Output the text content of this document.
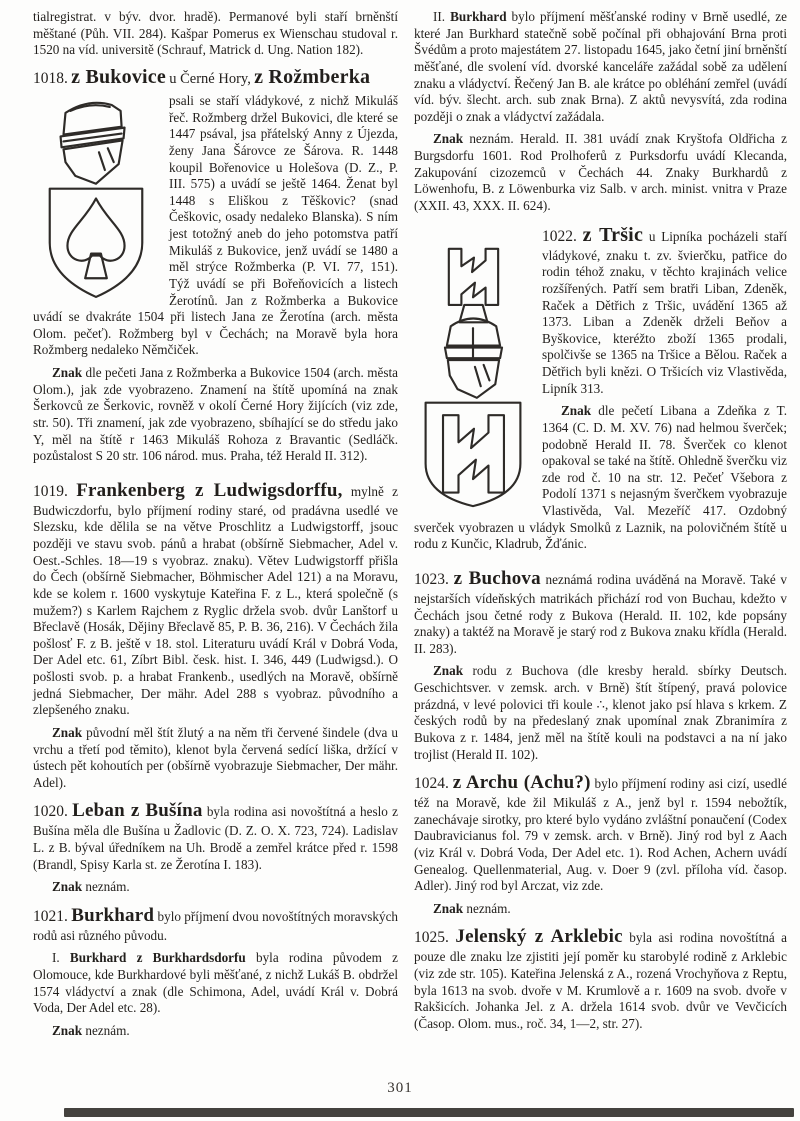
tialregistrat. v býv. dvor. hradě). Permanové byli staří brněnští měštané (Půh. VII. 284). Kašpar Pomerus ex Wienschau studoval r. 1520 na víd. universitě (Schrauf, Matrick d. Ung. Nation 182).

1018. z Bukovice u Černé Hory, z Rožmberka

psali se staří vládykové, z nichž Mikuláš řeč. Rožmberg držel Bukovici, dle které se 1447 psával, jsa přátelský Anny z Újezda, ženy Jana Šárovce ze Šárova. R. 1448 koupil Bořenovice u Holešova (D. Z., P. III. 575) a uvádí se ještě 1464. Ženat byl 1448 s Eliškou z Těškovic? (snad Češkovic, osady nedaleko Blanska). S ním jest totožný aneb do jeho potomstva patří Mikuláš z Bukovice, jenž uvádí se 1480 a měl strýce Rožmberka (P. VI. 77, 151). Týž uvádí se při Bořeňovicích a listech Žerotínů. Jan z Rožmberka a Bukovice uvádí se dvakráte 1504 při listech Jana ze Žerotína (arch. města Olom. pečeť). Rožmberg byl v Čechách; na Moravě byla hora Rožmberg nedaleko Němčiček.

Znak dle pečeti Jana z Rožmberka a Bukovice 1504 (arch. města Olom.), jak zde vyobrazeno. Znamení na štítě upomíná na znak Šerkovců ze Šerkovic, rovněž v okolí Černé Hory žijících (viz zde, str. 50). Tři znamení, jak zde vyobrazeno, sbíhající se do středu jako Y, měl na štítě r 1463 Mikuláš Rohoza z Bravantic (Sedláčk. pozůstalost S 20 str. 106 národ. mus. Praha, též Herald II. 312).

1019. Frankenberg z Ludwigsdorffu, mylně z Budwiczdorfu, bylo příjmení rodiny staré, od pradávna usedlé ve Slezsku, kde dělila se na větve Proschlitz a Ludwigstorff, jsouc později ve stavu svob. pánů a hrabat (obšírně Siebmacher, Adel v. Oest.-Schles. 18—19 s vyobraz. znaku). Větev Ludwigstorff přišla do Čech (obšírně Siebmacher, Böhmischer Adel 121) a na Moravu, kde se kolem r. 1600 vyskytuje Kateřina F. z L., která společně (s mužem?) s Karlem Rajchem z Ryglic držela svob. dvůr Lanštorf u Břeclavě (Hosák, Dějiny Břeclavě 85, P. B. 36, 216). V Čechách žila pošlosť F. z B. ještě v 18. stol. Literaturu uvádí Král v Dobrá Voda, Der Adel etc. 61, Zíbrt Bibl. česk. hist. I. 346, 449 (Ludwigsd.). O pošlosti svob. p. a hrabat Frankenb., usedlých na Moravě, obšírně jedná Siebmacher, Der mähr. Adel 288 s vyobraz. původního a zlepšeného znaku.

Znak původní měl štít žlutý a na něm tři červené šindele (dva u vrchu a třetí pod těmito), klenot byla červená sedící liška, držící v ústech pět kohoutích per (obšírně vyobrazuje Siebmacher, Der mähr. Adel).

1020. Leban z Bušína byla rodina asi novoštítná a heslo z Bušína měla dle Bušína u Žadlovic (D. Z. O. X. 723, 724). Ladislav L. z B. býval úředníkem na Uh. Brodě a zemřel krátce před r. 1598 (Brandl, Spisy Karla st. ze Žerotína I. 183).

Znak neznám.

1021. Burkhard bylo příjmení dvou novoštítných moravských rodů asi různého původu.

I. Burkhard z Burkhardsdorfu byla rodina původem z Olomouce, kde Burkhardové byli měšťané, z nichž Lukáš B. obdržel 1574 vládyctví a znak (dle Schimona, Adel, uvádí Král v. Dobrá Voda, Der Adel etc. 28).

Znak neznám.

II. Burkhard bylo příjmení měšťanské rodiny v Brně usedlé, ze které Jan Burkhard statečně sobě počínal při obhajování Brna proti Švédům a proto majestátem 27. listopadu 1645, jako četní jiní brněnští měšťané, dle svolení víd. dvorské kanceláře zažádal sobě za udělení znaku a vládyctví. Řečený Jan B. ale krátce po obléhání zemřel (uvádí víd. býv. šlecht. arch. sub znak Brna). Z aktů nevysvítá, zda rodina později o znak a vládyctví zažádala.

Znak neznám. Herald. II. 381 uvádí znak Kryštofa Oldřicha z Burgsdorfu 1601. Rod Prolhoferů z Purksdorfu uvádí Klecanda, Zakupování cizozemců v Čechách 44. Znaky Burkhardů z Löwenhofu, B. z Löwenburka viz Salb. v arch. minist. vnitra v Praze (XXII. 43, XXX. II. 624).

1022. z Tršic u Lipníka pocházeli staří vládykové, znaku t. zv. švierčku, patřice do rodin téhož znaku, v těchto krajinách velice rozšířených. Patří sem bratři Liban, Zdeněk, Raček a Dětřich z Tršic, uvádění 1365 až 1373. Liban a Zdeněk drželi Beňov a Byškovice, kteréžto zboží 1365 prodali, spolčivše se 1365 na Tršice a Bělou. Raček a Dětřich byli knězi. O Tršicích viz Vlastivěda, Lipník 313.

Znak dle pečetí Libana a Zdeňka z T. 1364 (C. D. M. XV. 76) nad helmou šverček; podobně Herald II. 78. Šverček co klenot opakoval se také na štítě. Ohledně šverčku viz zde rod č. 10 na str. 12. Pečeť Všebora z Podolí 1371 s nejasným šverčkem vyobrazuje Vlastivěda, Val. Mezeříč 417. Ozdobný sverček vyobrazen u vládyk Smolků z Laznik, na polovičném štítě u rodu z Kunčic, Kladrub, Žďánic.

1023. z Buchova neznámá rodina uváděná na Moravě. Také v nejstarších vídeňských matrikách přichází rod von Buchau, kdežto v Čechách jsou četné rody z Bukova (Herald. II. 102, kde popsány znaky) a taktéž na Moravě je starý rod z Bukova znaku křídla (Herald. II. 283).

Znak rodu z Buchova (dle kresby herald. sbírky Deutsch. Geschichtsver. v zemsk. arch. v Brně) štít štípený, pravá polovice prázdná, v levé polovici tři koule ∴, klenot jako psí hlava s krkem. Z českých rodů by na předeslaný znak upomínal znak Zbranimíra z Bukova z r. 1484, jenž měl na štítě kouli na podstavci a na ní jako trojlist (Herald II. 102).

1024. z Archu (Achu?) bylo příjmení rodiny asi cizí, usedlé též na Moravě, kde žil Mikuláš z A., jenž byl r. 1594 nebožtík, zanechávaje sirotky, pro které bylo vydáno zvláštní ponaučení (Codex Daubravicianus fol. 79 v zemsk. arch. v Brně). Jiný rod byl z Aach (viz Král v. Dobrá Voda, Der Adel etc. 1). Rod Achen, Achern uvádí Genealog. Quellenmaterial, Aug. v. Doer 9 (zvl. příloha víd. časop. Adler). Jiný rod byl Arczat, viz zde.

Znak neznám.

1025. Jelenský z Arklebic byla asi rodina novoštítná a pouze dle znaku lze zjistiti její poměr ku starobylé rodině z Arklebic (viz zde str. 105). Kateřina Jelenská z A., rozená Vrochyňova z Reptu, byla 1613 na svob. dvoře v M. Krumlově a r. 1609 na svob. dvoře v Rakšicích. Johanka Jel. z A. držela 1614 svob. dvůr ve Vevčicích (Časop. Olom. mus., roč. 34, 1—2, str. 27).

301
